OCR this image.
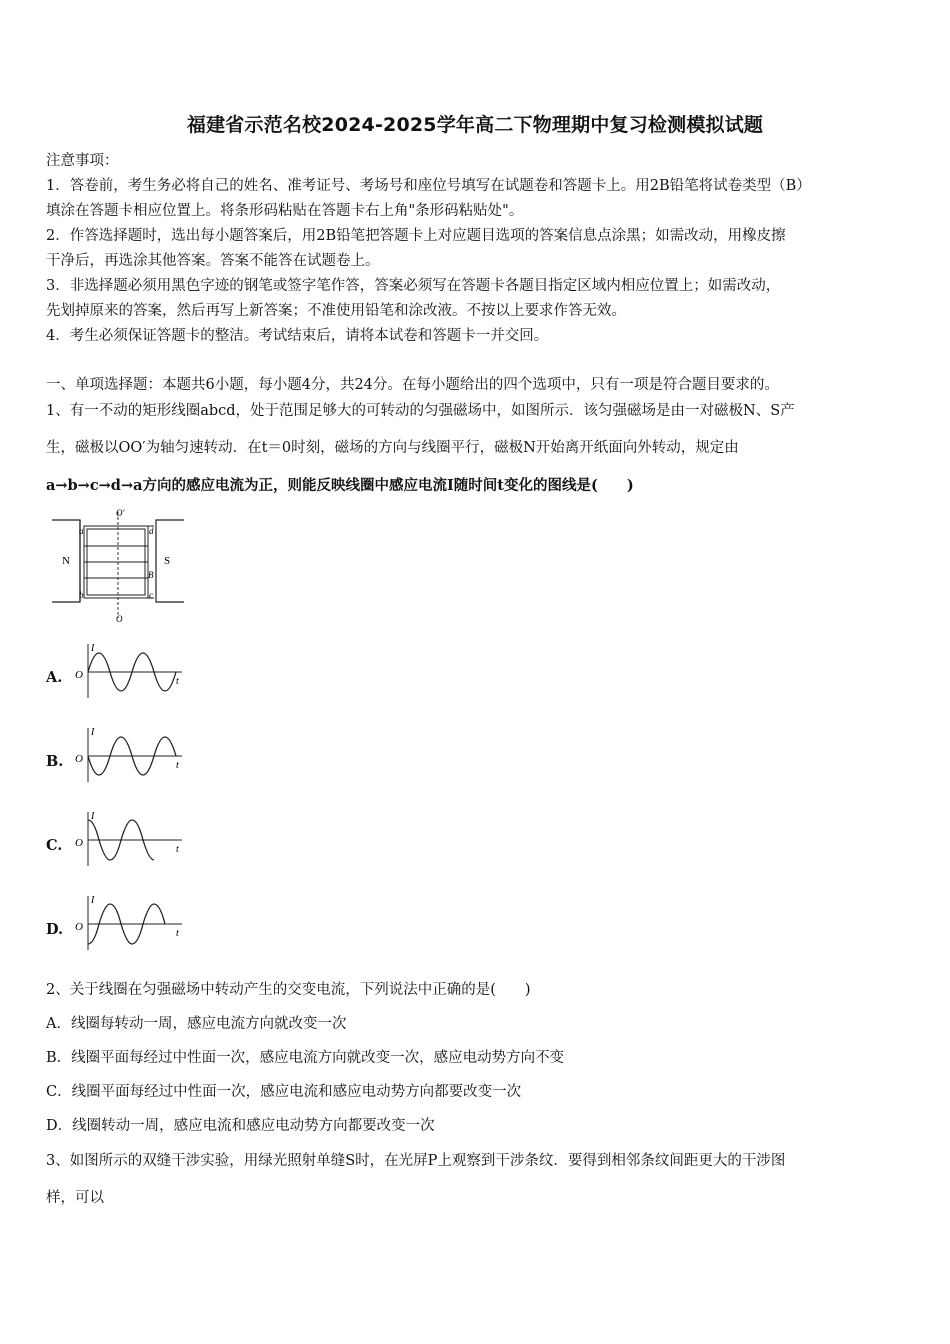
福建省示范名校2024-2025学年高二下物理期中复习检测模拟试题
注意事项：
1．答卷前，考生务必将自己的姓名、准考证号、考场号和座位号填写在试题卷和答题卡上。用2B铅笔将试卷类型（B）
填涂在答题卡相应位置上。将条形码粘贴在答题卡右上角"条形码粘贴处"。
2．作答选择题时，选出每小题答案后，用2B铅笔把答题卡上对应题目选项的答案信息点涂黑；如需改动，用橡皮擦
干净后，再选涂其他答案。答案不能答在试题卷上。
3．非选择题必须用黑色字迹的钢笔或签字笔作答，答案必须写在答题卡各题目指定区域内相应位置上；如需改动，
先划掉原来的答案，然后再写上新答案；不准使用铅笔和涂改液。不按以上要求作答无效。
4．考生必须保证答题卡的整洁。考试结束后，请将本试卷和答题卡一并交回。
一、单项选择题：本题共6小题，每小题4分，共24分。在每小题给出的四个选项中，只有一项是符合题目要求的。
1、有一不动的矩形线圈abcd，处于范围足够大的可转动的匀强磁场中，如图所示．该匀强磁场是由一对磁极N、S产
生，磁极以OO′为轴匀速转动．在t＝0时刻，磁场的方向与线圈平行，磁极N开始离开纸面向外转动，规定由
a→b→c→d→a方向的感应电流为正，则能反映线圈中感应电流I随时间t变化的图线是(　　)
N	S
O′
O
a
b
d
c
B
A. O
I
t
B. O
I
t
C. O
I
t
D. O
I
t
2、关于线圈在匀强磁场中转动产生的交变电流，下列说法中正确的是(　　)
A．线圈每转动一周，感应电流方向就改变一次
B．线圈平面每经过中性面一次，感应电流方向就改变一次，感应电动势方向不变
C．线圈平面每经过中性面一次，感应电流和感应电动势方向都要改变一次
D．线圈转动一周，感应电流和感应电动势方向都要改变一次
3、如图所示的双缝干涉实验，用绿光照射单缝S时，在光屏P上观察到干涉条纹．要得到相邻条纹间距更大的干涉图
样，可以
